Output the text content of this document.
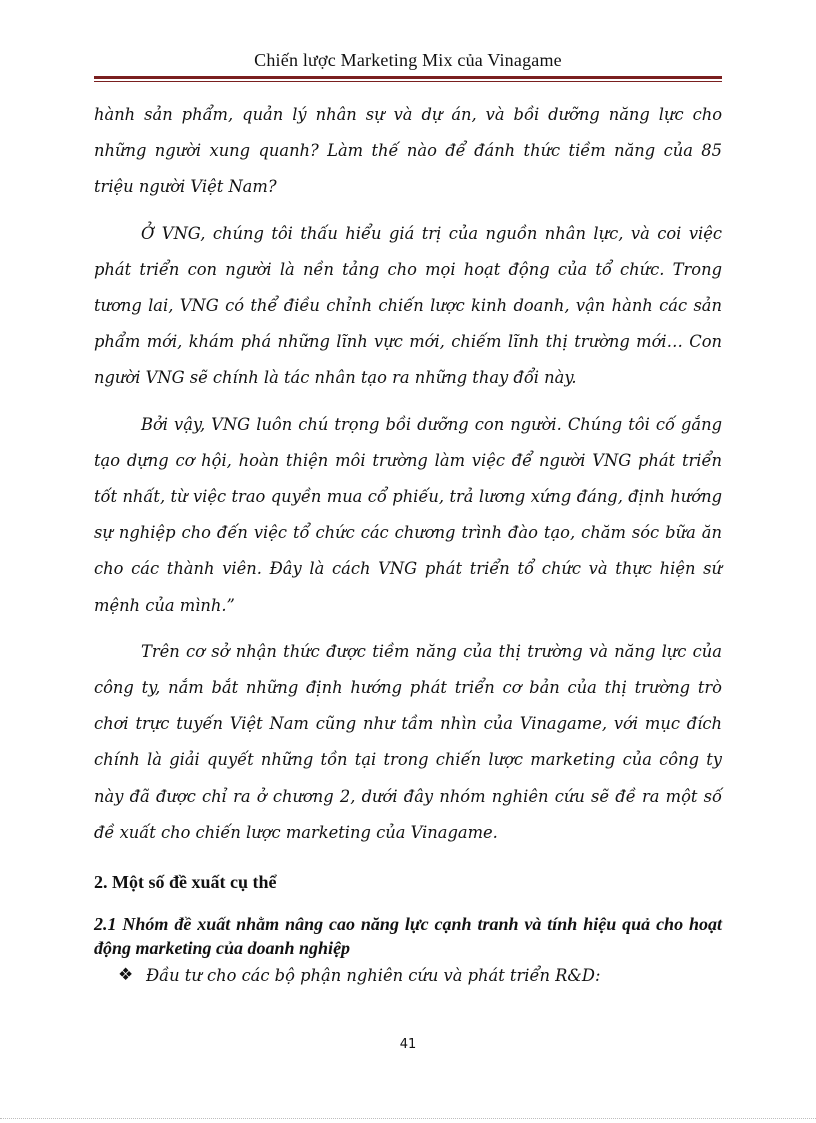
Chiến lược Marketing Mix của Vinagame

hành sản phẩm, quản lý nhân sự và dự án, và bồi dưỡng năng lực cho những người xung quanh? Làm thế nào để đánh thức tiềm năng của 85 triệu người Việt Nam?

Ở VNG, chúng tôi thấu hiểu giá trị của nguồn nhân lực, và coi việc phát triển con người là nền tảng cho mọi hoạt động của tổ chức. Trong tương lai, VNG có thể điều chỉnh chiến lược kinh doanh, vận hành các sản phẩm mới, khám phá những lĩnh vực mới, chiếm lĩnh thị trường mới… Con người VNG sẽ chính là tác nhân tạo ra những thay đổi này.

Bởi vậy, VNG luôn chú trọng bồi dưỡng con người. Chúng tôi cố gắng tạo dựng cơ hội, hoàn thiện môi trường làm việc để người VNG phát triển tốt nhất, từ việc trao quyền mua cổ phiếu, trả lương xứng đáng, định hướng sự nghiệp cho đến việc tổ chức các chương trình đào tạo, chăm sóc bữa ăn cho các thành viên. Đây là cách VNG phát triển tổ chức và thực hiện sứ mệnh của mình.”

Trên cơ sở nhận thức được tiềm năng của thị trường và năng lực của công ty, nắm bắt những định hướng phát triển cơ bản của thị trường trò chơi trực tuyến Việt Nam cũng như tầm nhìn của Vinagame, với mục đích chính là giải quyết những tồn tại trong chiến lược marketing của công ty này đã được chỉ ra ở chương 2, dưới đây nhóm nghiên cứu sẽ đề ra một số đề xuất cho chiến lược marketing của Vinagame.

2. Một số đề xuất cụ thể
2.1 Nhóm đề xuất nhằm nâng cao năng lực cạnh tranh và tính hiệu quả cho hoạt động marketing của doanh nghiệp
❖ Đầu tư cho các bộ phận nghiên cứu và phát triển R&D:
41
